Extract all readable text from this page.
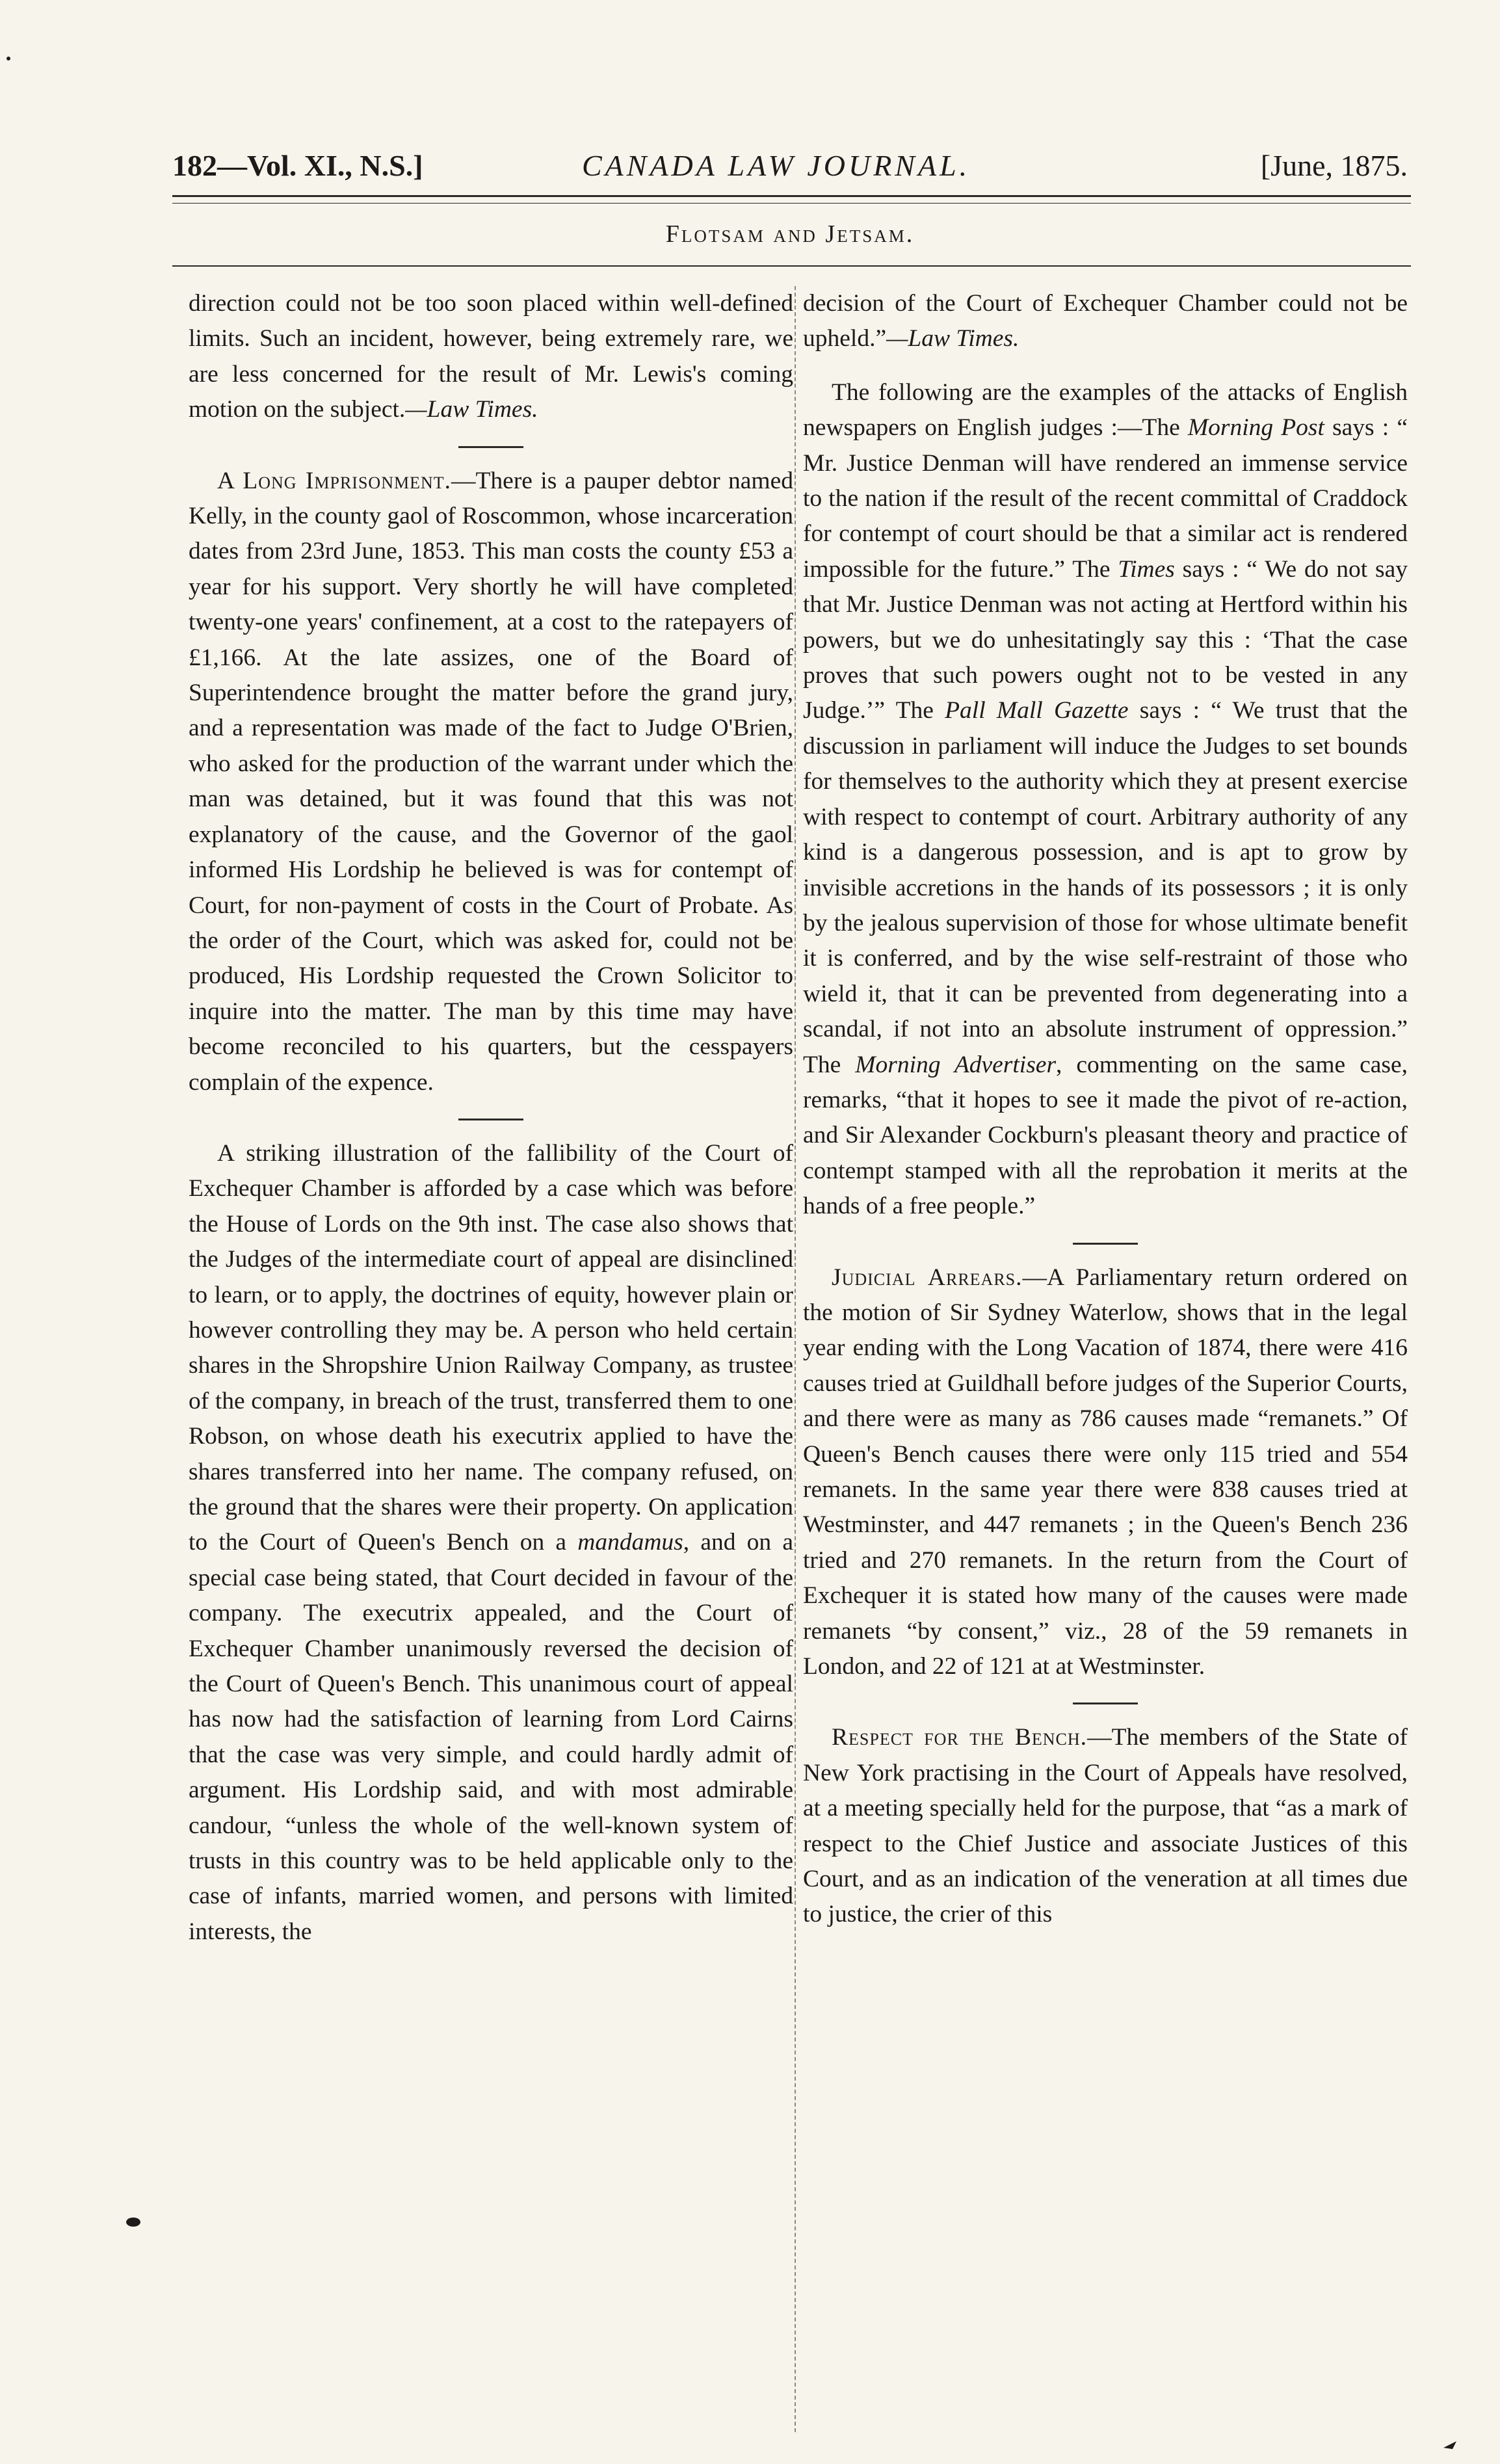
182—Vol. XI., N.S.]	CANADA LAW JOURNAL.	[June, 1875.
Flotsam and Jetsam.

direction could not be too soon placed within well-defined limits. Such an incident, however, being extremely rare, we are less concerned for the result of Mr. Lewis's coming motion on the subject.—Law Times.

A Long Imprisonment.—There is a pauper debtor named Kelly, in the county gaol of Roscommon, whose incarceration dates from 23rd June, 1853. This man costs the county £53 a year for his support. Very shortly he will have completed twenty-one years' confinement, at a cost to the ratepayers of £1,166. At the late assizes, one of the Board of Superintendence brought the matter before the grand jury, and a representation was made of the fact to Judge O'Brien, who asked for the production of the warrant under which the man was detained, but it was found that this was not explanatory of the cause, and the Governor of the gaol informed His Lordship he believed is was for contempt of Court, for non-payment of costs in the Court of Probate. As the order of the Court, which was asked for, could not be produced, His Lordship requested the Crown Solicitor to inquire into the matter. The man by this time may have become reconciled to his quarters, but the cesspayers complain of the expence.

A striking illustration of the fallibility of the Court of Exchequer Chamber is afforded by a case which was before the House of Lords on the 9th inst. The case also shows that the Judges of the intermediate court of appeal are disinclined to learn, or to apply, the doctrines of equity, however plain or however controlling they may be. A person who held certain shares in the Shropshire Union Railway Company, as trustee of the company, in breach of the trust, transferred them to one Robson, on whose death his executrix applied to have the shares transferred into her name. The company refused, on the ground that the shares were their property. On application to the Court of Queen's Bench on a mandamus, and on a special case being stated, that Court decided in favour of the company. The executrix appealed, and the Court of Exchequer Chamber unanimously reversed the decision of the Court of Queen's Bench. This unanimous court of appeal has now had the satisfaction of learning from Lord Cairns that the case was very simple, and could hardly admit of argument. His Lordship said, and with most admirable candour, “unless the whole of the well-known system of trusts in this country was to be held applicable only to the case of infants, married women, and persons with limited interests, the

decision of the Court of Exchequer Chamber could not be upheld.”—Law Times.

The following are the examples of the attacks of English newspapers on English judges :—The Morning Post says : “ Mr. Justice Denman will have rendered an immense service to the nation if the result of the recent committal of Craddock for contempt of court should be that a similar act is rendered impossible for the future.” The Times says : “ We do not say that Mr. Justice Denman was not acting at Hertford within his powers, but we do unhesitatingly say this : ‘That the case proves that such powers ought not to be vested in any Judge.’” The Pall Mall Gazette says : “ We trust that the discussion in parliament will induce the Judges to set bounds for themselves to the authority which they at present exercise with respect to contempt of court. Arbitrary authority of any kind is a dangerous possession, and is apt to grow by invisible accretions in the hands of its possessors ; it is only by the jealous supervision of those for whose ultimate benefit it is conferred, and by the wise self-restraint of those who wield it, that it can be prevented from degenerating into a scandal, if not into an absolute instrument of oppression.” The Morning Advertiser, commenting on the same case, remarks, “that it hopes to see it made the pivot of re-action, and Sir Alexander Cockburn's pleasant theory and practice of contempt stamped with all the reprobation it merits at the hands of a free people.”

Judicial Arrears.—A Parliamentary return ordered on the motion of Sir Sydney Waterlow, shows that in the legal year ending with the Long Vacation of 1874, there were 416 causes tried at Guildhall before judges of the Superior Courts, and there were as many as 786 causes made “remanets.” Of Queen's Bench causes there were only 115 tried and 554 remanets. In the same year there were 838 causes tried at Westminster, and 447 remanets ; in the Queen's Bench 236 tried and 270 remanets. In the return from the Court of Exchequer it is stated how many of the causes were made remanets “by consent,” viz., 28 of the 59 remanets in London, and 22 of 121 at at Westminster.

Respect for the Bench.—The members of the State of New York practising in the Court of Appeals have resolved, at a meeting specially held for the purpose, that “as a mark of respect to the Chief Justice and associate Justices of this Court, and as an indication of the veneration at all times due to justice, the crier of this
